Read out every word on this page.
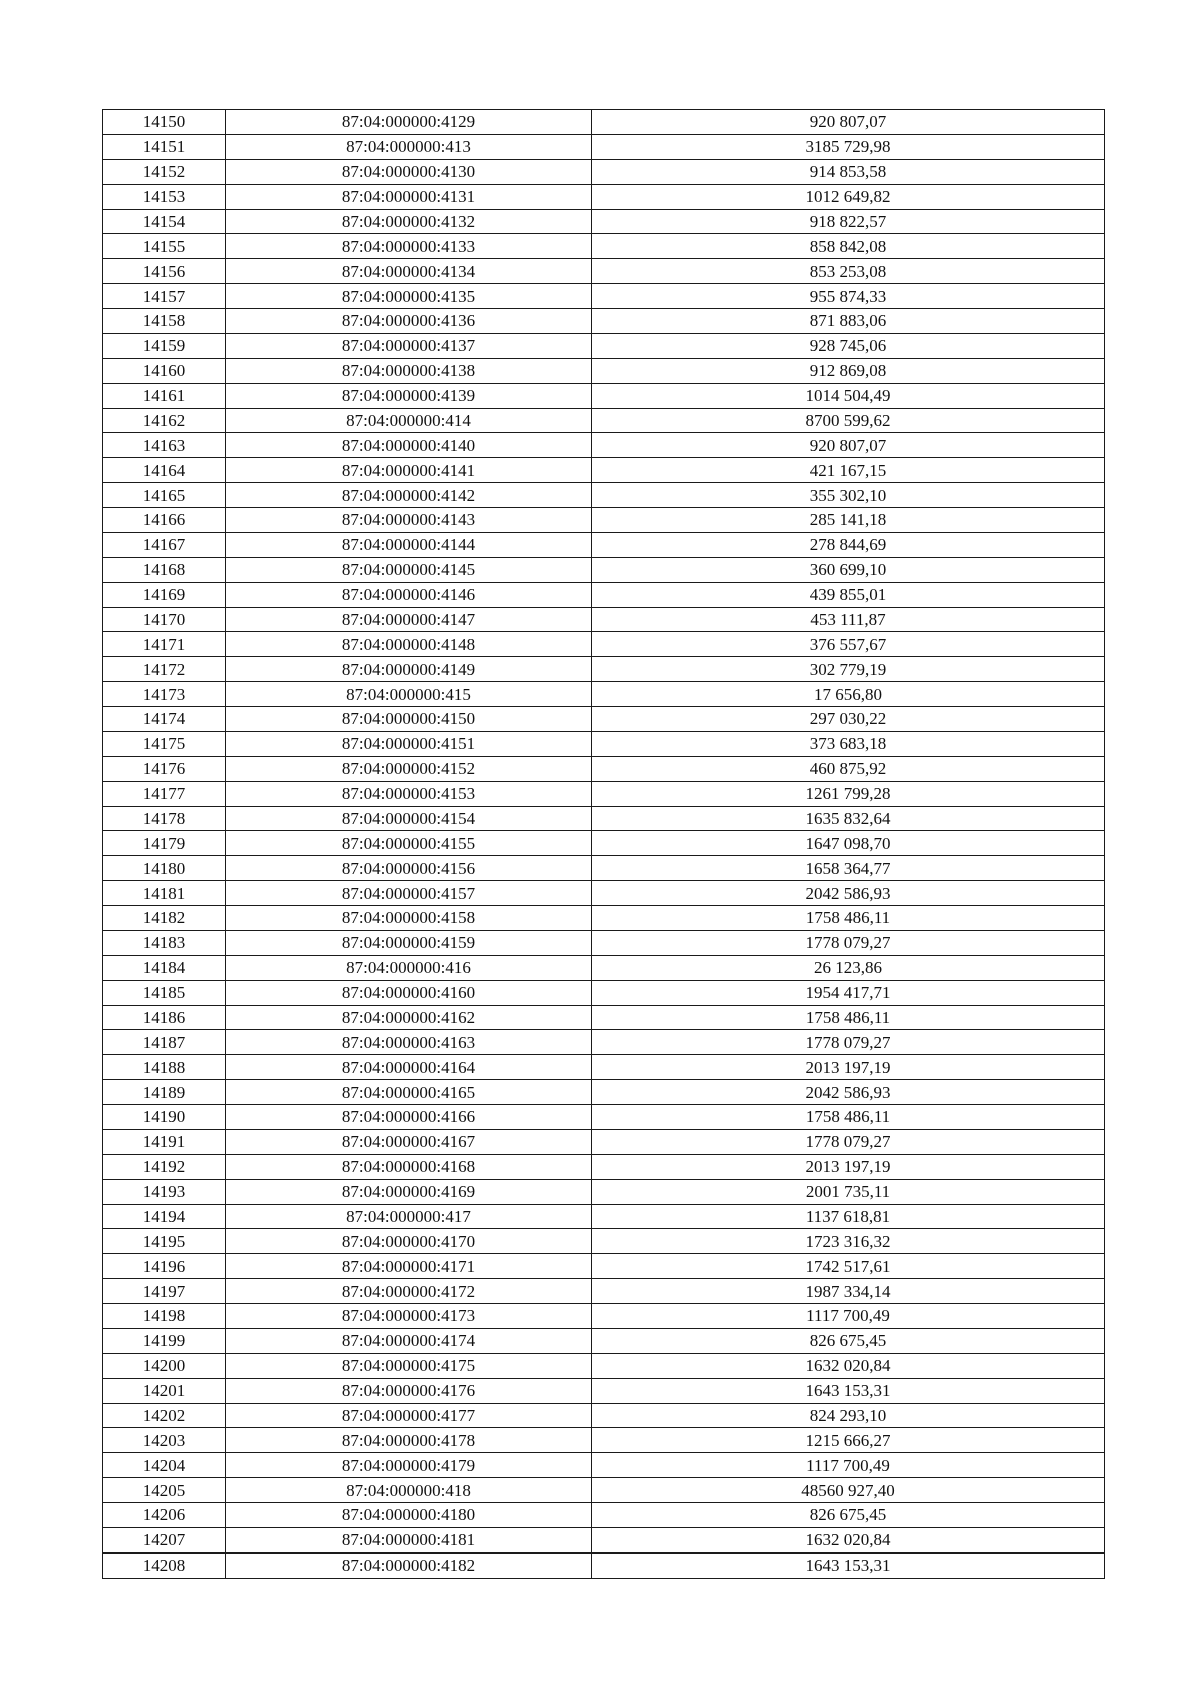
14150	87:04:000000:4129	920 807,07
14151	87:04:000000:413	3185 729,98
14152	87:04:000000:4130	914 853,58
14153	87:04:000000:4131	1012 649,82
14154	87:04:000000:4132	918 822,57
14155	87:04:000000:4133	858 842,08
14156	87:04:000000:4134	853 253,08
14157	87:04:000000:4135	955 874,33
14158	87:04:000000:4136	871 883,06
14159	87:04:000000:4137	928 745,06
14160	87:04:000000:4138	912 869,08
14161	87:04:000000:4139	1014 504,49
14162	87:04:000000:414	8700 599,62
14163	87:04:000000:4140	920 807,07
14164	87:04:000000:4141	421 167,15
14165	87:04:000000:4142	355 302,10
14166	87:04:000000:4143	285 141,18
14167	87:04:000000:4144	278 844,69
14168	87:04:000000:4145	360 699,10
14169	87:04:000000:4146	439 855,01
14170	87:04:000000:4147	453 111,87
14171	87:04:000000:4148	376 557,67
14172	87:04:000000:4149	302 779,19
14173	87:04:000000:415	17 656,80
14174	87:04:000000:4150	297 030,22
14175	87:04:000000:4151	373 683,18
14176	87:04:000000:4152	460 875,92
14177	87:04:000000:4153	1261 799,28
14178	87:04:000000:4154	1635 832,64
14179	87:04:000000:4155	1647 098,70
14180	87:04:000000:4156	1658 364,77
14181	87:04:000000:4157	2042 586,93
14182	87:04:000000:4158	1758 486,11
14183	87:04:000000:4159	1778 079,27
14184	87:04:000000:416	26 123,86
14185	87:04:000000:4160	1954 417,71
14186	87:04:000000:4162	1758 486,11
14187	87:04:000000:4163	1778 079,27
14188	87:04:000000:4164	2013 197,19
14189	87:04:000000:4165	2042 586,93
14190	87:04:000000:4166	1758 486,11
14191	87:04:000000:4167	1778 079,27
14192	87:04:000000:4168	2013 197,19
14193	87:04:000000:4169	2001 735,11
14194	87:04:000000:417	1137 618,81
14195	87:04:000000:4170	1723 316,32
14196	87:04:000000:4171	1742 517,61
14197	87:04:000000:4172	1987 334,14
14198	87:04:000000:4173	1117 700,49
14199	87:04:000000:4174	826 675,45
14200	87:04:000000:4175	1632 020,84
14201	87:04:000000:4176	1643 153,31
14202	87:04:000000:4177	824 293,10
14203	87:04:000000:4178	1215 666,27
14204	87:04:000000:4179	1117 700,49
14205	87:04:000000:418	48560 927,40
14206	87:04:000000:4180	826 675,45
14207	87:04:000000:4181	1632 020,84
14208	87:04:000000:4182	1643 153,31
